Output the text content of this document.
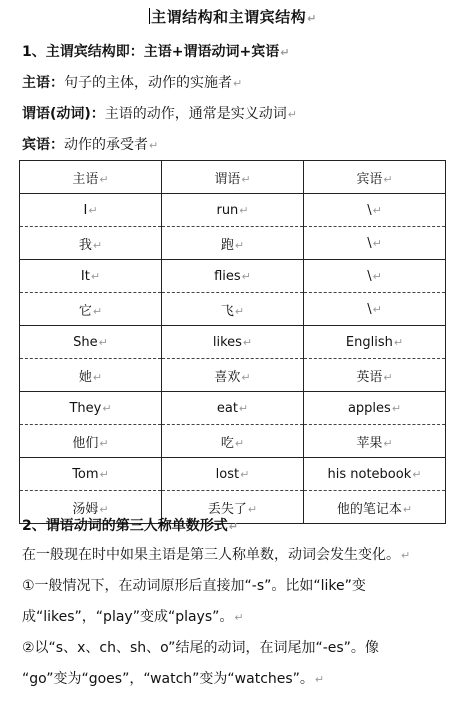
主谓结构和主谓宾结构↵
1、主谓宾结构即：主语+谓语动词+宾语↵
主语：句子的主体，动作的实施者↵
谓语(动词)：主语的动作，通常是实义动词↵
宾语：动作的承受者↵
主语↵	谓语↵	宾语↵
I↵	run↵	\↵
我↵	跑↵	\↵
It↵	flies↵	\↵
它↵	飞↵	\↵
She↵	likes↵	English↵
她↵	喜欢↵	英语↵
They↵	eat↵	apples↵
他们↵	吃↵	苹果↵
Tom↵	lost↵	his notebook↵
汤姆↵	丢失了↵	他的笔记本↵
2、谓语动词的第三人称单数形式↵
在一般现在时中如果主语是第三人称单数，动词会发生变化。↵
①一般情况下，在动词原形后直接加“-s”。比如“like”变
成“likes”，“play”变成“plays”。↵
②以“s、x、ch、sh、o”结尾的动词，在词尾加“-es”。像
“go”变为“goes”，“watch”变为“watches”。↵
